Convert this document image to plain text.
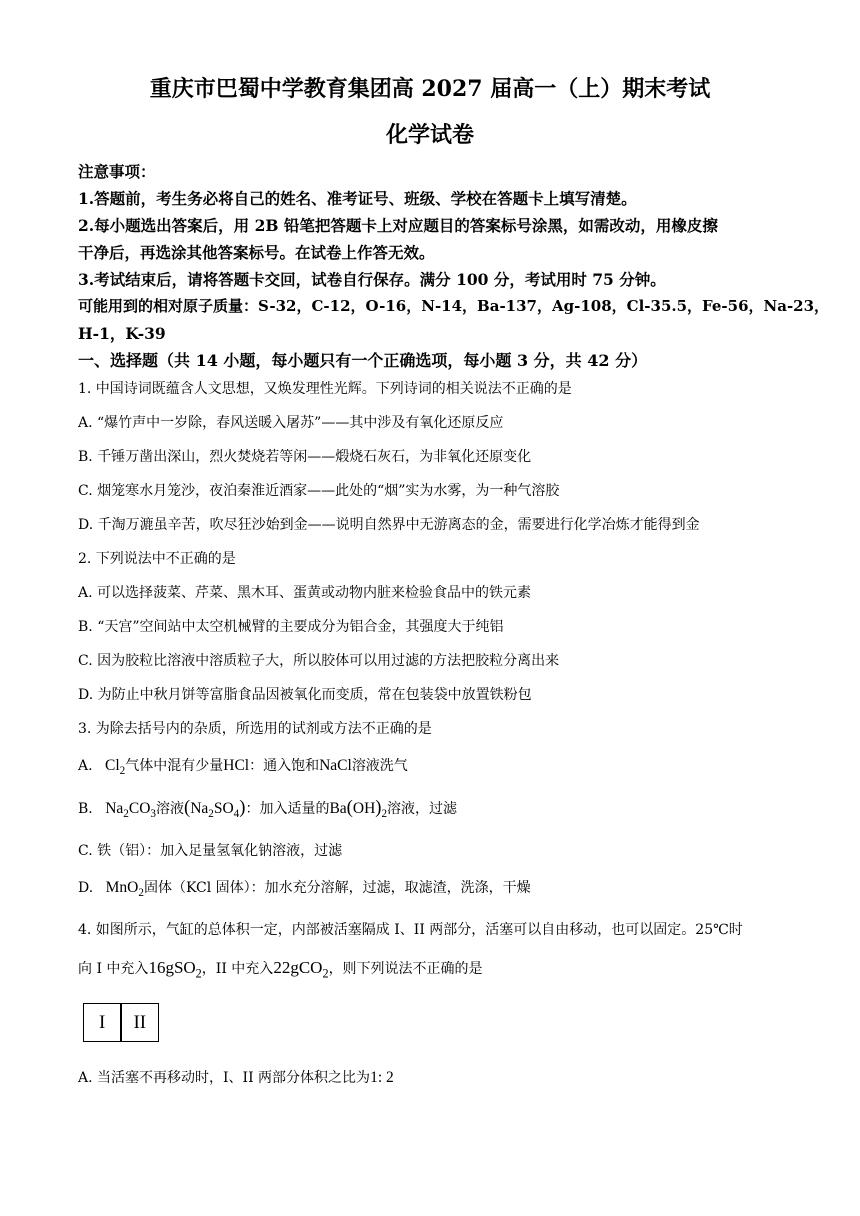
重庆市巴蜀中学教育集团高 2027 届高一（上）期末考试
化学试卷
注意事项：
1.答题前，考生务必将自己的姓名、准考证号、班级、学校在答题卡上填写清楚。
2.每小题选出答案后，用 2B 铅笔把答题卡上对应题目的答案标号涂黑，如需改动，用橡皮擦
干净后，再选涂其他答案标号。在试卷上作答无效。
3.考试结束后，请将答题卡交回，试卷自行保存。满分 100 分，考试用时 75 分钟。
可能用到的相对原子质量：S-32，C-12，O-16，N-14，Ba-137，Ag-108，Cl-35.5，Fe-56，Na-23，
H-1，K-39
一、选择题（共 14 小题，每小题只有一个正确选项，每小题 3 分，共 42 分）
1. 中国诗词既蕴含人文思想，又焕发理性光辉。下列诗词的相关说法不正确的是
A. “爆竹声中一岁除，春风送暖入屠苏”——其中涉及有氧化还原反应
B. 千锤万凿出深山，烈火焚烧若等闲——煅烧石灰石，为非氧化还原变化
C. 烟笼寒水月笼沙，夜泊秦淮近酒家——此处的“烟”实为水雾，为一种气溶胶
D. 千淘万漉虽辛苦，吹尽狂沙始到金——说明自然界中无游离态的金，需要进行化学冶炼才能得到金
2. 下列说法中不正确的是
A. 可以选择菠菜、芹菜、黑木耳、蛋黄或动物内脏来检验食品中的铁元素
B. “天宫”空间站中太空机械臂的主要成分为铝合金，其强度大于纯铝
C. 因为胶粒比溶液中溶质粒子大，所以胶体可以用过滤的方法把胶粒分离出来
D. 为防止中秋月饼等富脂食品因被氧化而变质，常在包装袋中放置铁粉包
3. 为除去括号内的杂质，所选用的试剂或方法不正确的是
A. $Cl_2$气体中混有少量HCl：通入饱和NaCl溶液洗气
B. $Na_2CO_3$溶液$(Na_2SO_4)$：加入适量的$Ba(OH)_2$溶液，过滤
C. 铁（铝）：加入足量氢氧化钠溶液，过滤
D. MnO$_2$固体（KCl 固体）：加水充分溶解，过滤，取滤渣，洗涤，干燥
4. 如图所示，气缸的总体积一定，内部被活塞隔成 I、II 两部分，活塞可以自由移动，也可以固定。25℃时
向 I 中充入16gSO$_2$，II 中充入22gCO$_2$，则下列说法不正确的是
I	II
A. 当活塞不再移动时，I、II 两部分体积之比为1: 2
